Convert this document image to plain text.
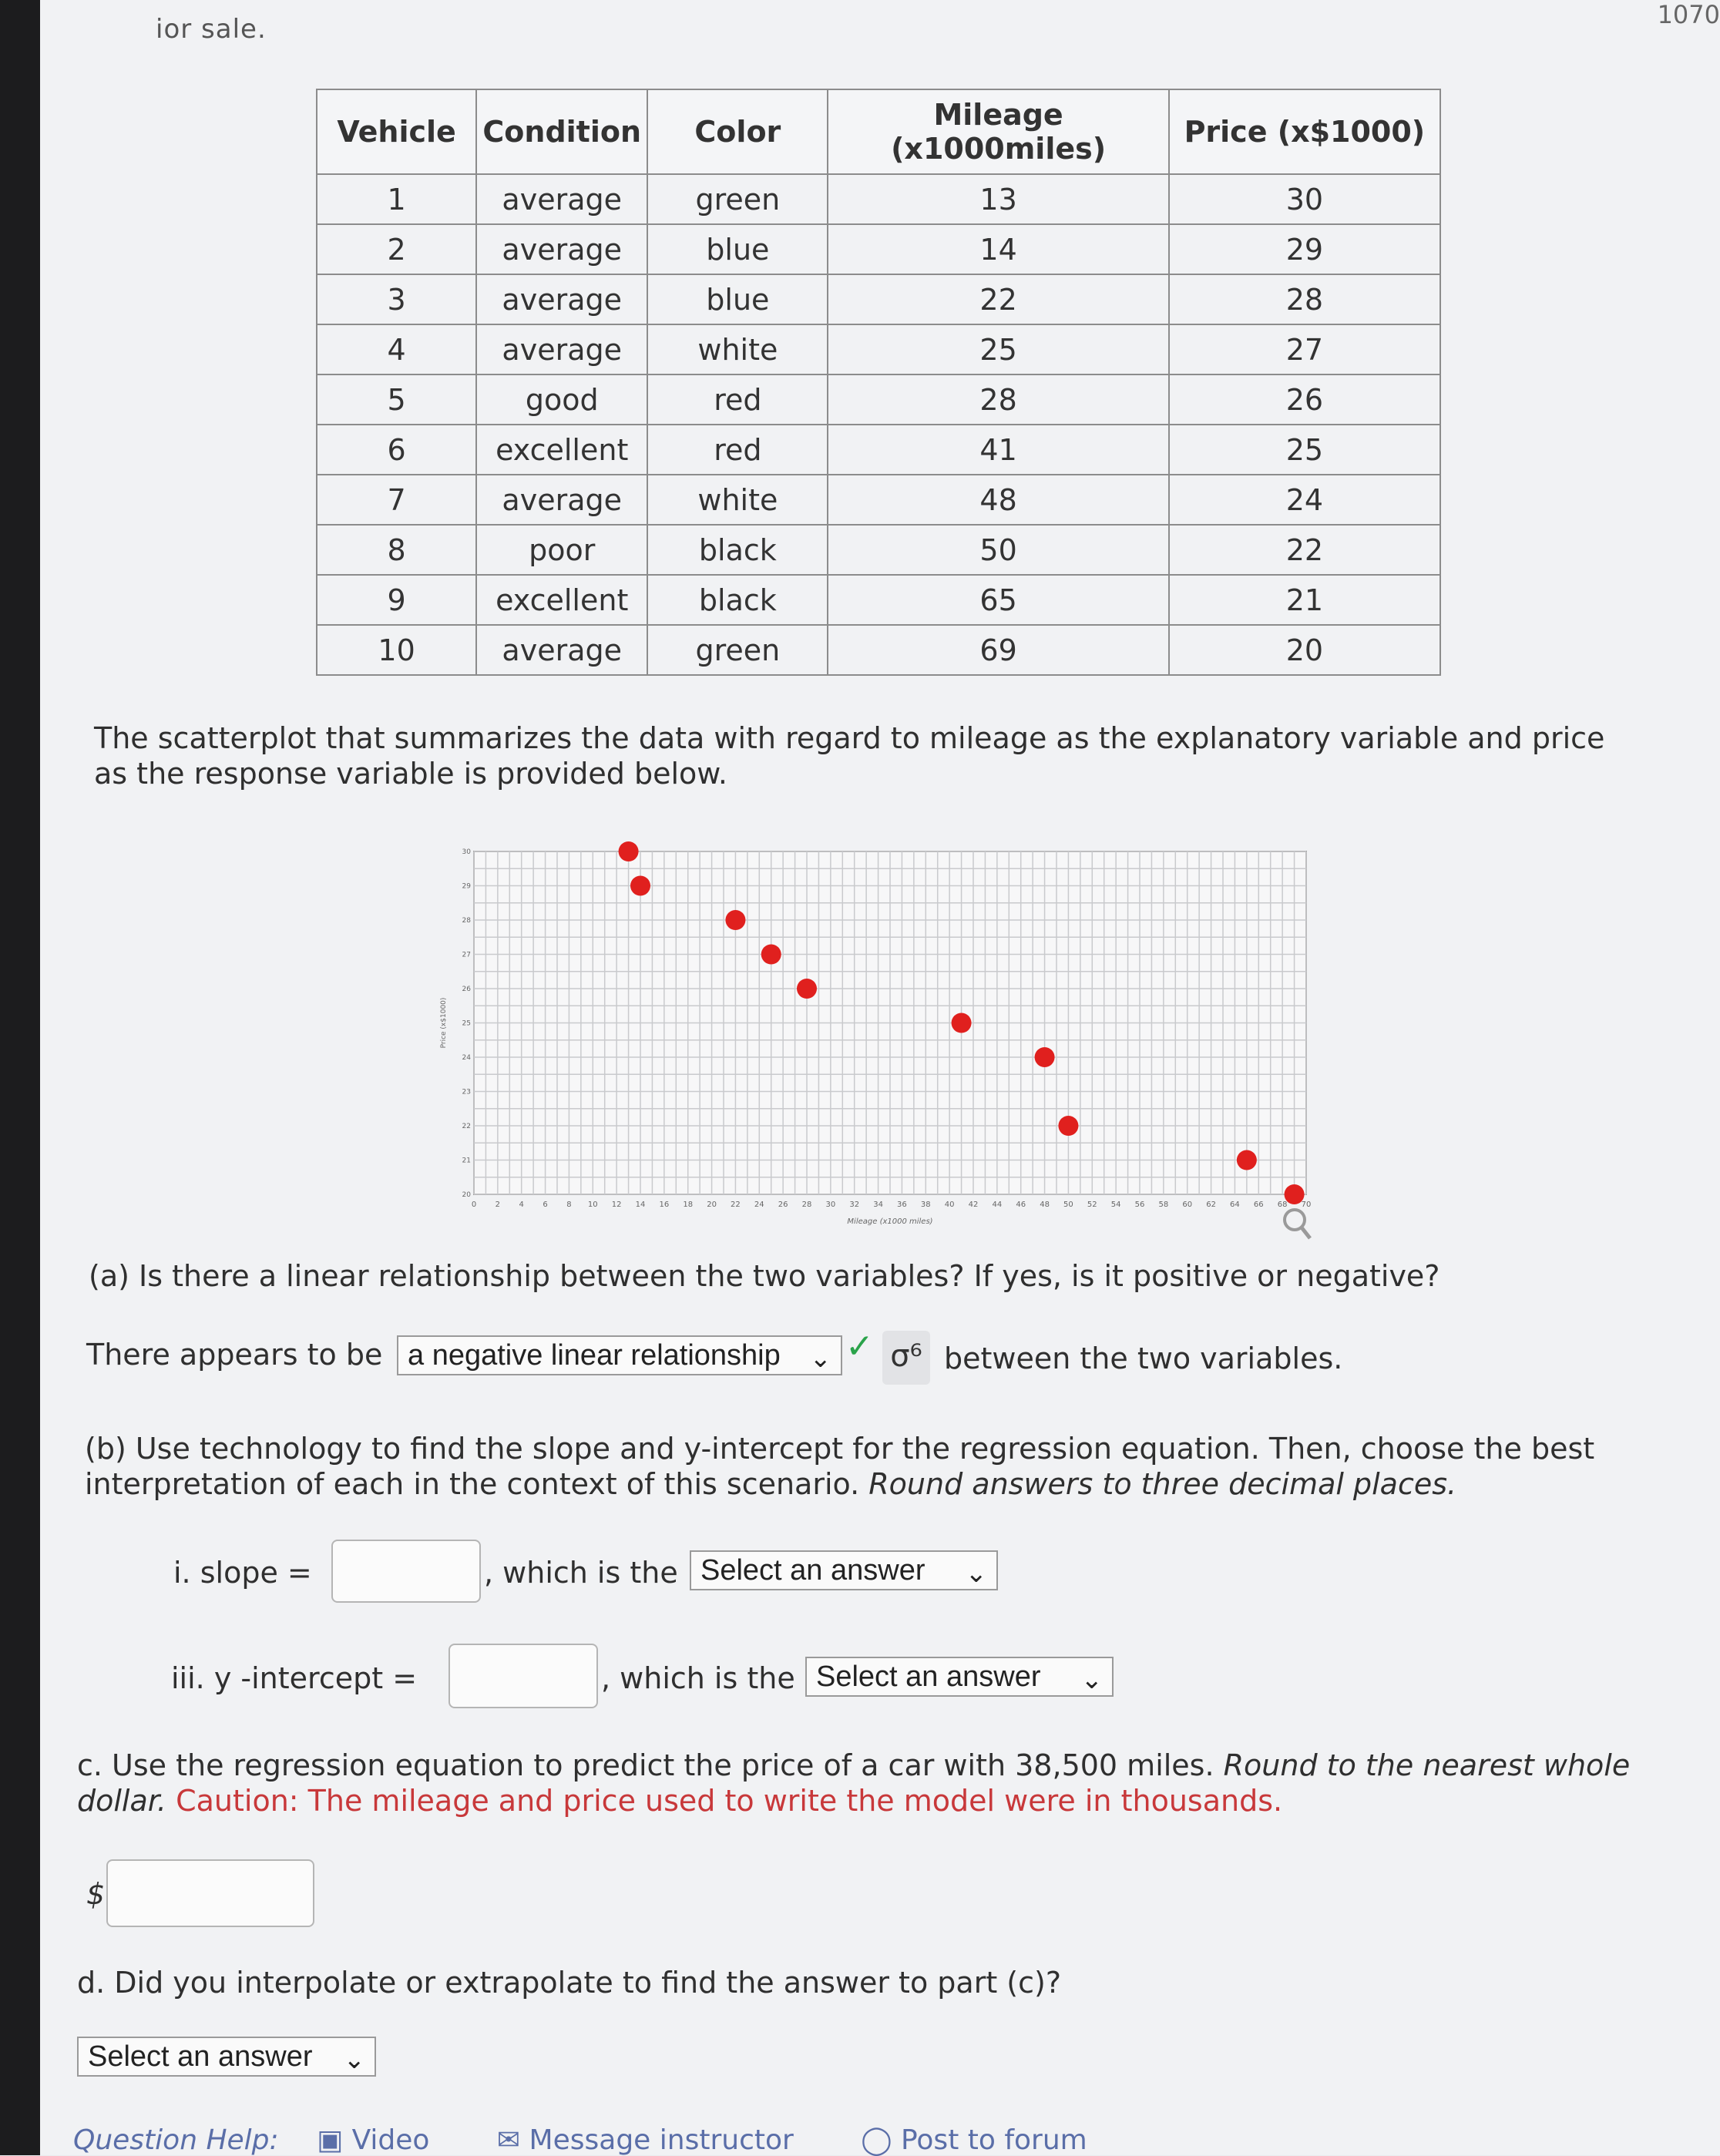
ior sale.	1070
Vehicle	Condition	Color	Mileage (x1000miles)	Price (x$1000)
1	average	green	13	30
2	average	blue	14	29
3	average	blue	22	28
4	average	white	25	27
5	good	red	28	26
6	excellent	red	41	25
7	average	white	48	24
8	poor	black	50	22
9	excellent	black	65	21
10	average	green	69	20
The scatterplot that summarizes the data with regard to mileage as the explanatory variable and price as the response variable is provided below.
0 2 4 6 8 10 12 14 16 18 20 22 24 26 28 30 32 34 36 38 40 42 44 46 48 50 52 54 56 58 60 62 64 66 68 70
20
21
22
23
24
25
26
27
28
29
30
Mileage (x1000 miles)
Price (x$1000)
(a) Is there a linear relationship between the two variables? If yes, is it positive or negative?
There appears to be a negative linear relationship ⌄ ✓ σ⁶ between the two variables.
(b) Use technology to find the slope and y-intercept for the regression equation. Then, choose the best interpretation of each in the context of this scenario. Round answers to three decimal places.
i. slope =	, which is the Select an answer ⌄
iii. y -intercept =	, which is the Select an answer ⌄
c. Use the regression equation to predict the price of a car with 38,500 miles. Round to the nearest whole dollar. Caution: The mileage and price used to write the model were in thousands.
$
d. Did you interpolate or extrapolate to find the answer to part (c)?
Select an answer ⌄
Question Help: ▣ Video ✉ Message instructor ◯ Post to forum
